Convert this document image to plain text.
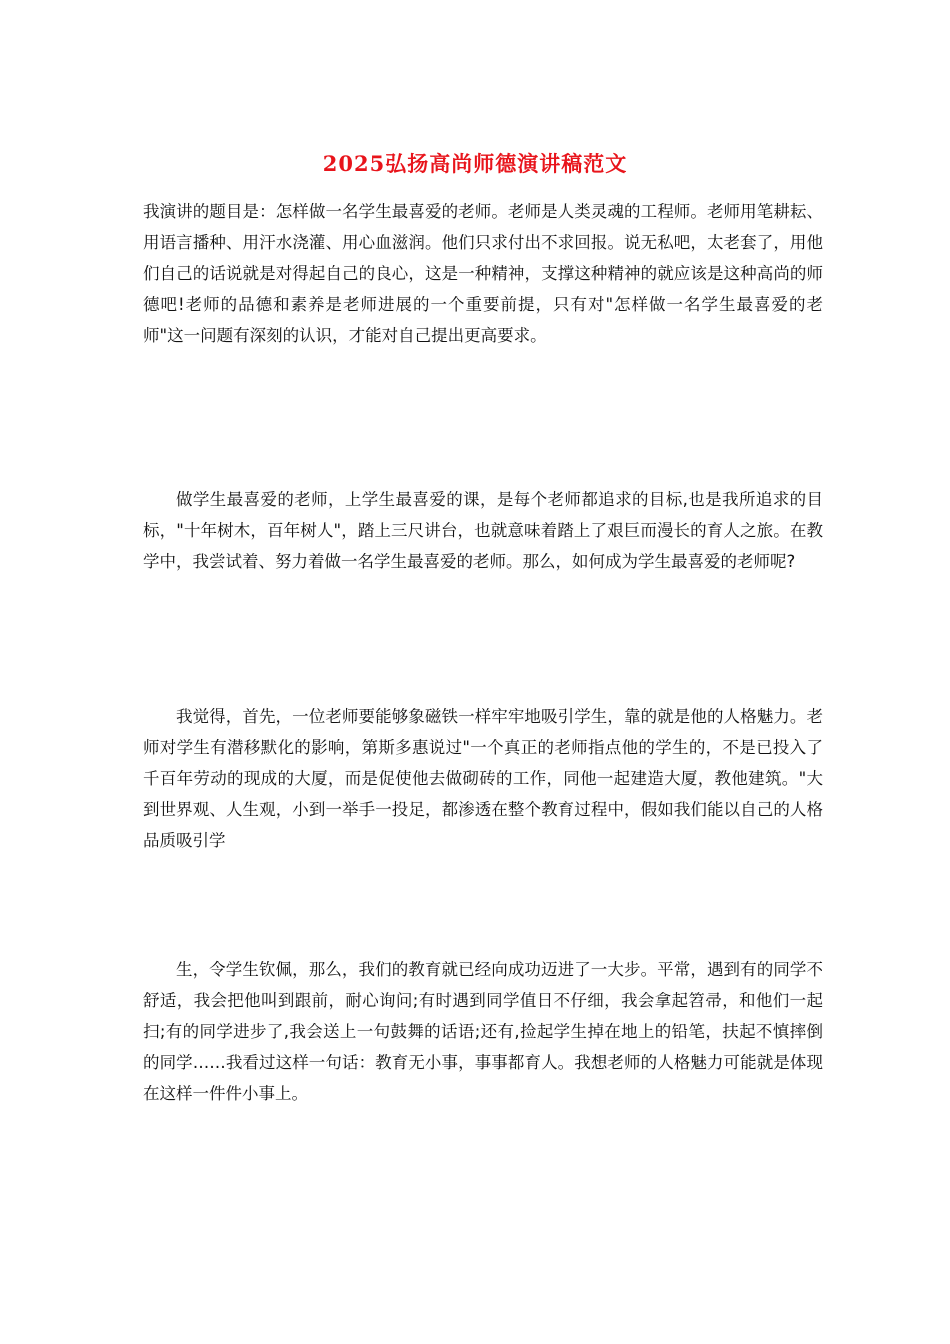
2025弘扬高尚师德演讲稿范文

我演讲的题目是：怎样做一名学生最喜爱的老师。老师是人类灵魂的工程师。老师用笔耕耘、用语言播种、用汗水浇灌、用心血滋润。他们只求付出不求回报。说无私吧，太老套了，用他们自己的话说就是对得起自己的良心，这是一种精神，支撑这种精神的就应该是这种高尚的师德吧!老师的品德和素养是老师进展的一个重要前提，只有对"怎样做一名学生最喜爱的老师"这一问题有深刻的认识，才能对自己提出更高要求。

做学生最喜爱的老师，上学生最喜爱的课，是每个老师都追求的目标,也是我所追求的目标，"十年树木，百年树人"，踏上三尺讲台，也就意味着踏上了艰巨而漫长的育人之旅。在教学中，我尝试着、努力着做一名学生最喜爱的老师。那么，如何成为学生最喜爱的老师呢?

我觉得，首先，一位老师要能够象磁铁一样牢牢地吸引学生，靠的就是他的人格魅力。老师对学生有潜移默化的影响，第斯多惠说过"一个真正的老师指点他的学生的，不是已投入了千百年劳动的现成的大厦，而是促使他去做砌砖的工作，同他一起建造大厦，教他建筑。"大到世界观、人生观，小到一举手一投足，都渗透在整个教育过程中，假如我们能以自己的人格品质吸引学

生，令学生钦佩，那么，我们的教育就已经向成功迈进了一大步。平常，遇到有的同学不舒适，我会把他叫到跟前，耐心询问;有时遇到同学值日不仔细，我会拿起笤帚，和他们一起扫;有的同学进步了,我会送上一句鼓舞的话语;还有,捡起学生掉在地上的铅笔，扶起不慎摔倒的同学……我看过这样一句话：教育无小事，事事都育人。我想老师的人格魅力可能就是体现在这样一件件小事上。
